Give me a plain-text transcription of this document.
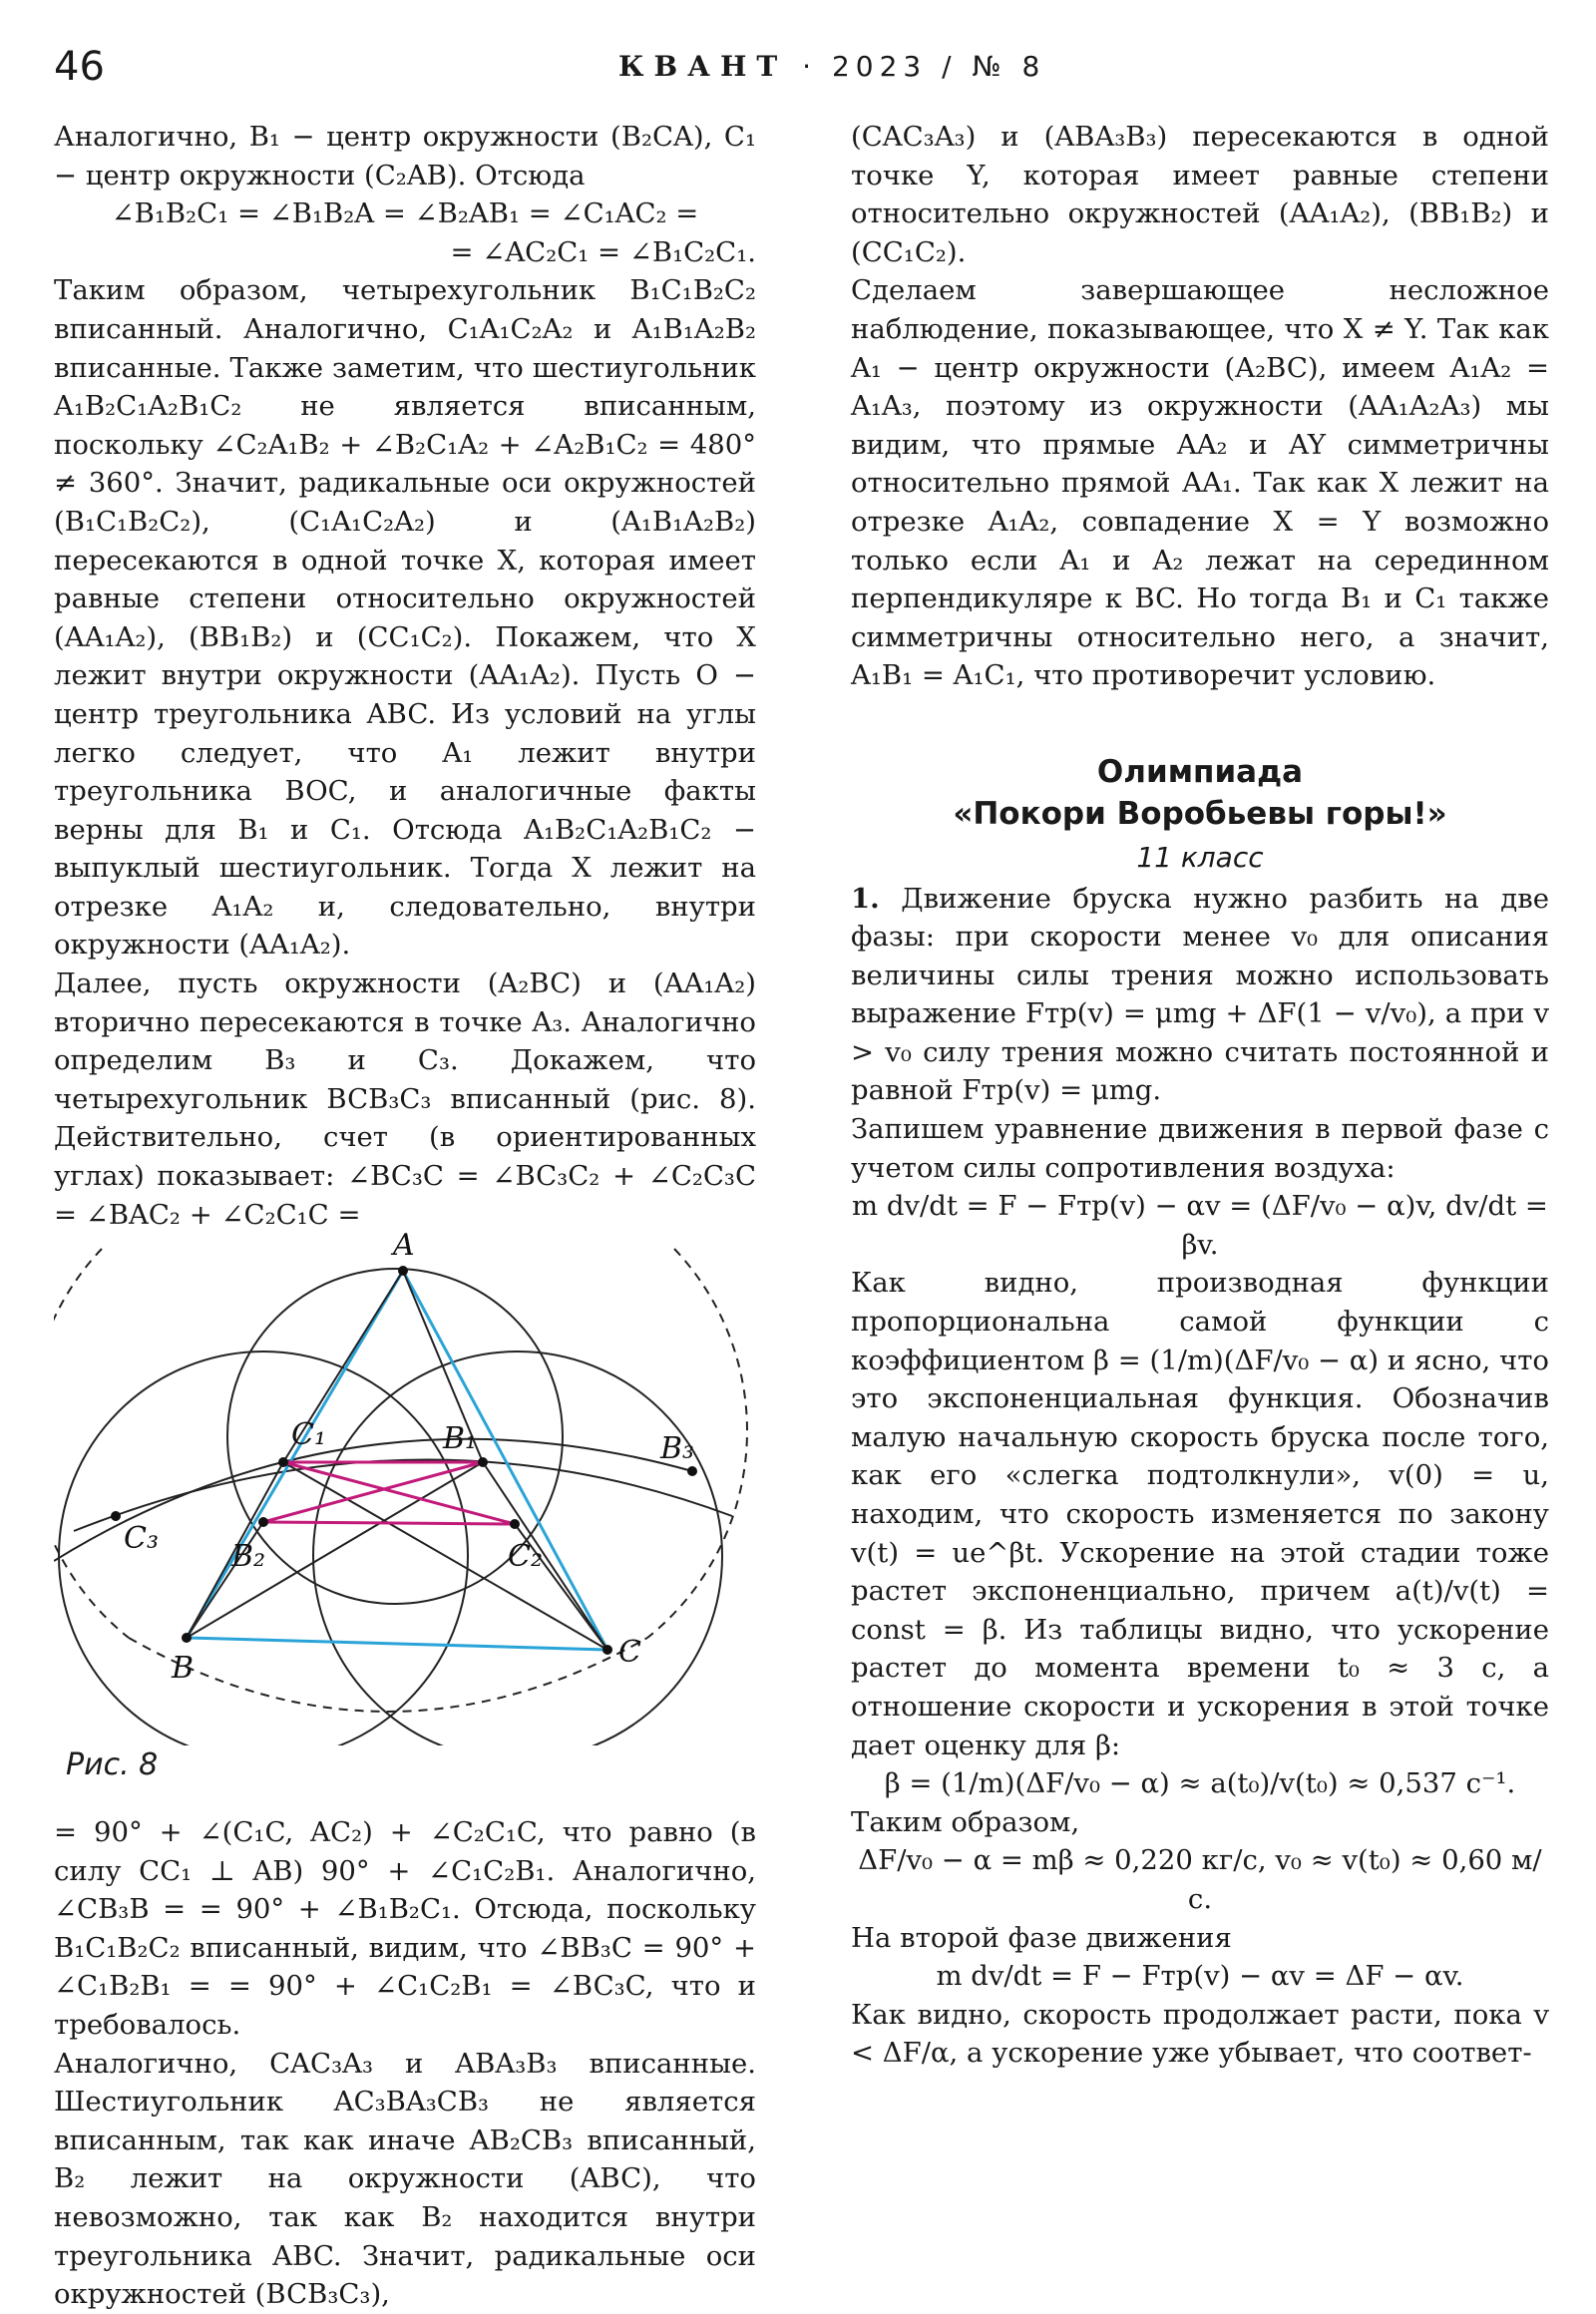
46	КВАНТ · 2023 / № 8

Аналогично, B₁ − центр окружности (B₂CA), C₁ − центр окружности (C₂AB). Отсюда

∠B₁B₂C₁ = ∠B₁B₂A = ∠B₂AB₁ = ∠C₁AC₂ =

= ∠AC₂C₁ = ∠B₁C₂C₁.

Таким образом, четырехугольник B₁C₁B₂C₂ вписанный. Аналогично, C₁A₁C₂A₂ и A₁B₁A₂B₂ вписанные. Также заметим, что шестиугольник A₁B₂C₁A₂B₁C₂ не является вписанным, поскольку ∠C₂A₁B₂ + ∠B₂C₁A₂ + ∠A₂B₁C₂ = 480° ≠ 360°. Значит, радикальные оси окружностей (B₁C₁B₂C₂), (C₁A₁C₂A₂) и (A₁B₁A₂B₂) пересекаются в одной точке X, которая имеет равные степени относительно окружностей (AA₁A₂), (BB₁B₂) и (CC₁C₂). Покажем, что X лежит внутри окружности (AA₁A₂). Пусть O − центр треугольника ABC. Из условий на углы легко следует, что A₁ лежит внутри треугольника BOC, и аналогичные факты верны для B₁ и C₁. Отсюда A₁B₂C₁A₂B₁C₂ − выпуклый шестиугольник. Тогда X лежит на отрезке A₁A₂ и, следовательно, внутри окружности (AA₁A₂).

Далее, пусть окружности (A₂BC) и (AA₁A₂) вторично пересекаются в точке A₃. Аналогично определим B₃ и C₃. Докажем, что четырехугольник BCB₃C₃ вписанный (рис. 8). Действительно, счет (в ориентированных углах) показывает: ∠BC₃C = ∠BC₃C₂ + ∠C₂C₃C = ∠BAC₂ + ∠C₂C₁C =

A
B	C
C₁	B₁
B₂	C₂
B₃
C₃
Рис. 8

= 90° + ∠(C₁C, AC₂) + ∠C₂C₁C, что равно (в силу CC₁ ⊥ AB) 90° + ∠C₁C₂B₁. Аналогично, ∠CB₃B = = 90° + ∠B₁B₂C₁. Отсюда, поскольку B₁C₁B₂C₂ вписанный, видим, что ∠BB₃C = 90° + ∠C₁B₂B₁ = = 90° + ∠C₁C₂B₁ = ∠BC₃C, что и требовалось.

Аналогично, CAC₃A₃ и ABA₃B₃ вписанные. Шестиугольник AC₃BA₃CB₃ не является вписанным, так как иначе AB₂CB₃ вписанный, B₂ лежит на окружности (ABC), что невозможно, так как B₂ находится внутри треугольника ABC. Значит, радикальные оси окружностей (BCB₃C₃),

(CAC₃A₃) и (ABA₃B₃) пересекаются в одной точке Y, которая имеет равные степени относительно окружностей (AA₁A₂), (BB₁B₂) и (CC₁C₂).

Сделаем завершающее несложное наблюдение, показывающее, что X ≠ Y. Так как A₁ − центр окружности (A₂BC), имеем A₁A₂ = A₁A₃, поэтому из окружности (AA₁A₂A₃) мы видим, что прямые AA₂ и AY симметричны относительно прямой AA₁. Так как X лежит на отрезке A₁A₂, совпадение X = Y возможно только если A₁ и A₂ лежат на серединном перпендикуляре к BC. Но тогда B₁ и C₁ также симметричны относительно него, а значит, A₁B₁ = A₁C₁, что противоречит условию.

Олимпиада
«Покори Воробьевы горы!»
11 класс

1. Движение бруска нужно разбить на две фазы: при скорости менее v₀ для описания величины силы трения можно использовать выражение Fтр(v) = μmg + ΔF(1 − v/v₀), а при v > v₀ силу трения можно считать постоянной и равной Fтр(v) = μmg.

Запишем уравнение движения в первой фазе с учетом силы сопротивления воздуха:

m dv/dt = F − Fтр(v) − αv = (ΔF/v₀ − α)v, dv/dt = βv.

Как видно, производная функции пропорциональна самой функции с коэффициентом β = (1/m)(ΔF/v₀ − α) и ясно, что это экспоненциальная функция. Обозначив малую начальную скорость бруска после того, как его «слегка подтолкнули», v(0) = u, находим, что скорость изменяется по закону v(t) = ue^βt. Ускорение на этой стадии тоже растет экспоненциально, причем a(t)/v(t) = const = β. Из таблицы видно, что ускорение растет до момента времени t₀ ≈ 3 с, а отношение скорости и ускорения в этой точке дает оценку для β:

β = (1/m)(ΔF/v₀ − α) ≈ a(t₀)/v(t₀) ≈ 0,537 с⁻¹.

Таким образом,

ΔF/v₀ − α = mβ ≈ 0,220 кг/с, v₀ ≈ v(t₀) ≈ 0,60 м/с.

На второй фазе движения

m dv/dt = F − Fтр(v) − αv = ΔF − αv.

Как видно, скорость продолжает расти, пока v < ΔF/α, а ускорение уже убывает, что соответ-
